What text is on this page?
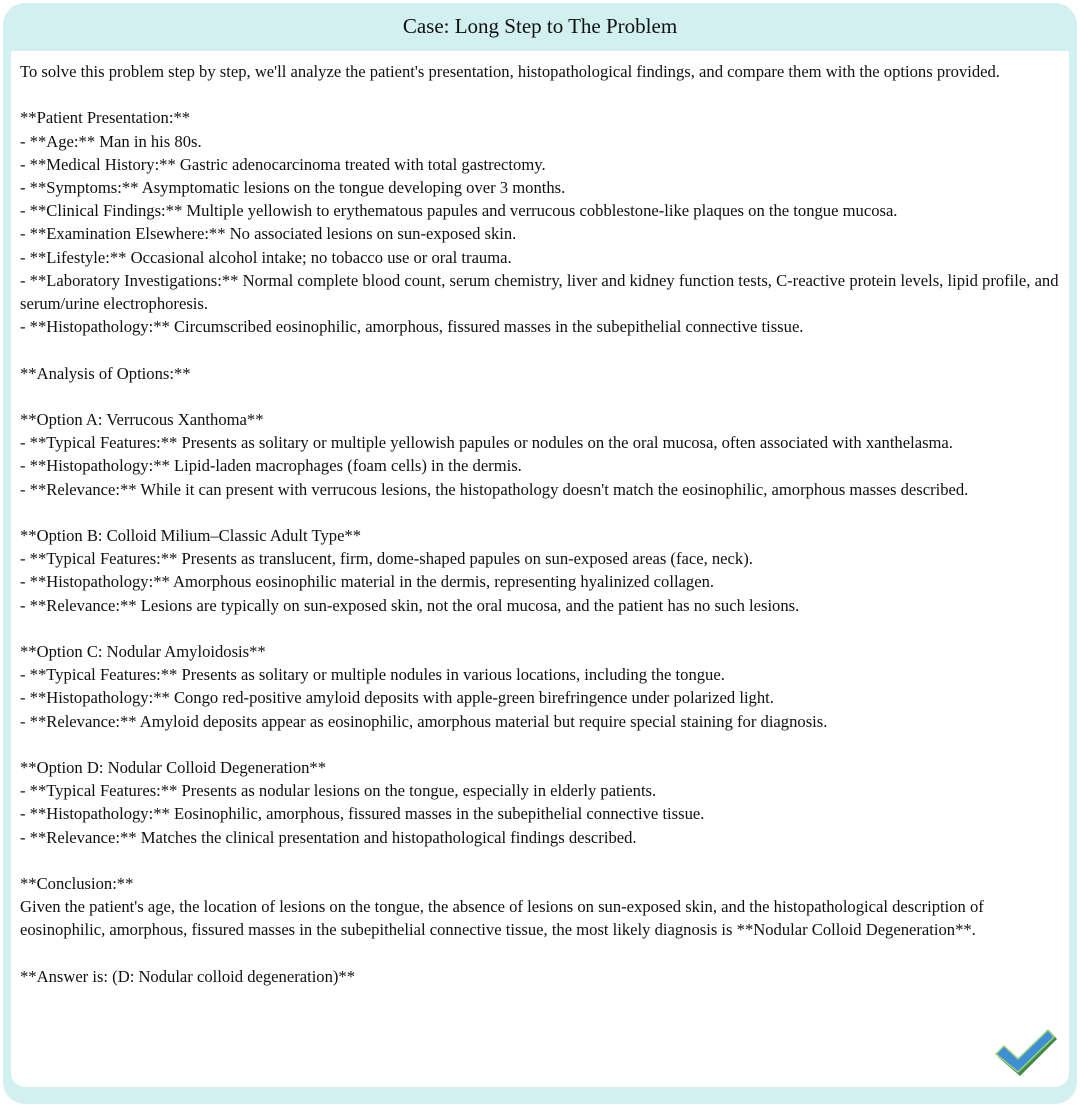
Case: Long Step to The Problem

To solve this problem step by step, we'll analyze the patient's presentation, histopathological findings, and compare them with the options provided.

**Patient Presentation:**

- **Age:** Man in his 80s.

- **Medical History:** Gastric adenocarcinoma treated with total gastrectomy.

- **Symptoms:** Asymptomatic lesions on the tongue developing over 3 months.

- **Clinical Findings:** Multiple yellowish to erythematous papules and verrucous cobblestone-like plaques on the tongue mucosa.

- **Examination Elsewhere:** No associated lesions on sun-exposed skin.

- **Lifestyle:** Occasional alcohol intake; no tobacco use or oral trauma.

- **Laboratory Investigations:** Normal complete blood count, serum chemistry, liver and kidney function tests, C-reactive protein levels, lipid profile, and serum/urine electrophoresis.

- **Histopathology:** Circumscribed eosinophilic, amorphous, fissured masses in the subepithelial connective tissue.

**Analysis of Options:**

**Option A: Verrucous Xanthoma**

- **Typical Features:** Presents as solitary or multiple yellowish papules or nodules on the oral mucosa, often associated with xanthelasma.

- **Histopathology:** Lipid-laden macrophages (foam cells) in the dermis.

- **Relevance:** While it can present with verrucous lesions, the histopathology doesn't match the eosinophilic, amorphous masses described.

**Option B: Colloid Milium–Classic Adult Type**

- **Typical Features:** Presents as translucent, firm, dome-shaped papules on sun-exposed areas (face, neck).

- **Histopathology:** Amorphous eosinophilic material in the dermis, representing hyalinized collagen.

- **Relevance:** Lesions are typically on sun-exposed skin, not the oral mucosa, and the patient has no such lesions.

**Option C: Nodular Amyloidosis**

- **Typical Features:** Presents as solitary or multiple nodules in various locations, including the tongue.

- **Histopathology:** Congo red-positive amyloid deposits with apple-green birefringence under polarized light.

- **Relevance:** Amyloid deposits appear as eosinophilic, amorphous material but require special staining for diagnosis.

**Option D: Nodular Colloid Degeneration**

- **Typical Features:** Presents as nodular lesions on the tongue, especially in elderly patients.

- **Histopathology:** Eosinophilic, amorphous, fissured masses in the subepithelial connective tissue.

- **Relevance:** Matches the clinical presentation and histopathological findings described.

**Conclusion:**

Given the patient's age, the location of lesions on the tongue, the absence of lesions on sun-exposed skin, and the histopathological description of eosinophilic, amorphous, fissured masses in the subepithelial connective tissue, the most likely diagnosis is **Nodular Colloid Degeneration**.

**Answer is: (D: Nodular colloid degeneration)**
